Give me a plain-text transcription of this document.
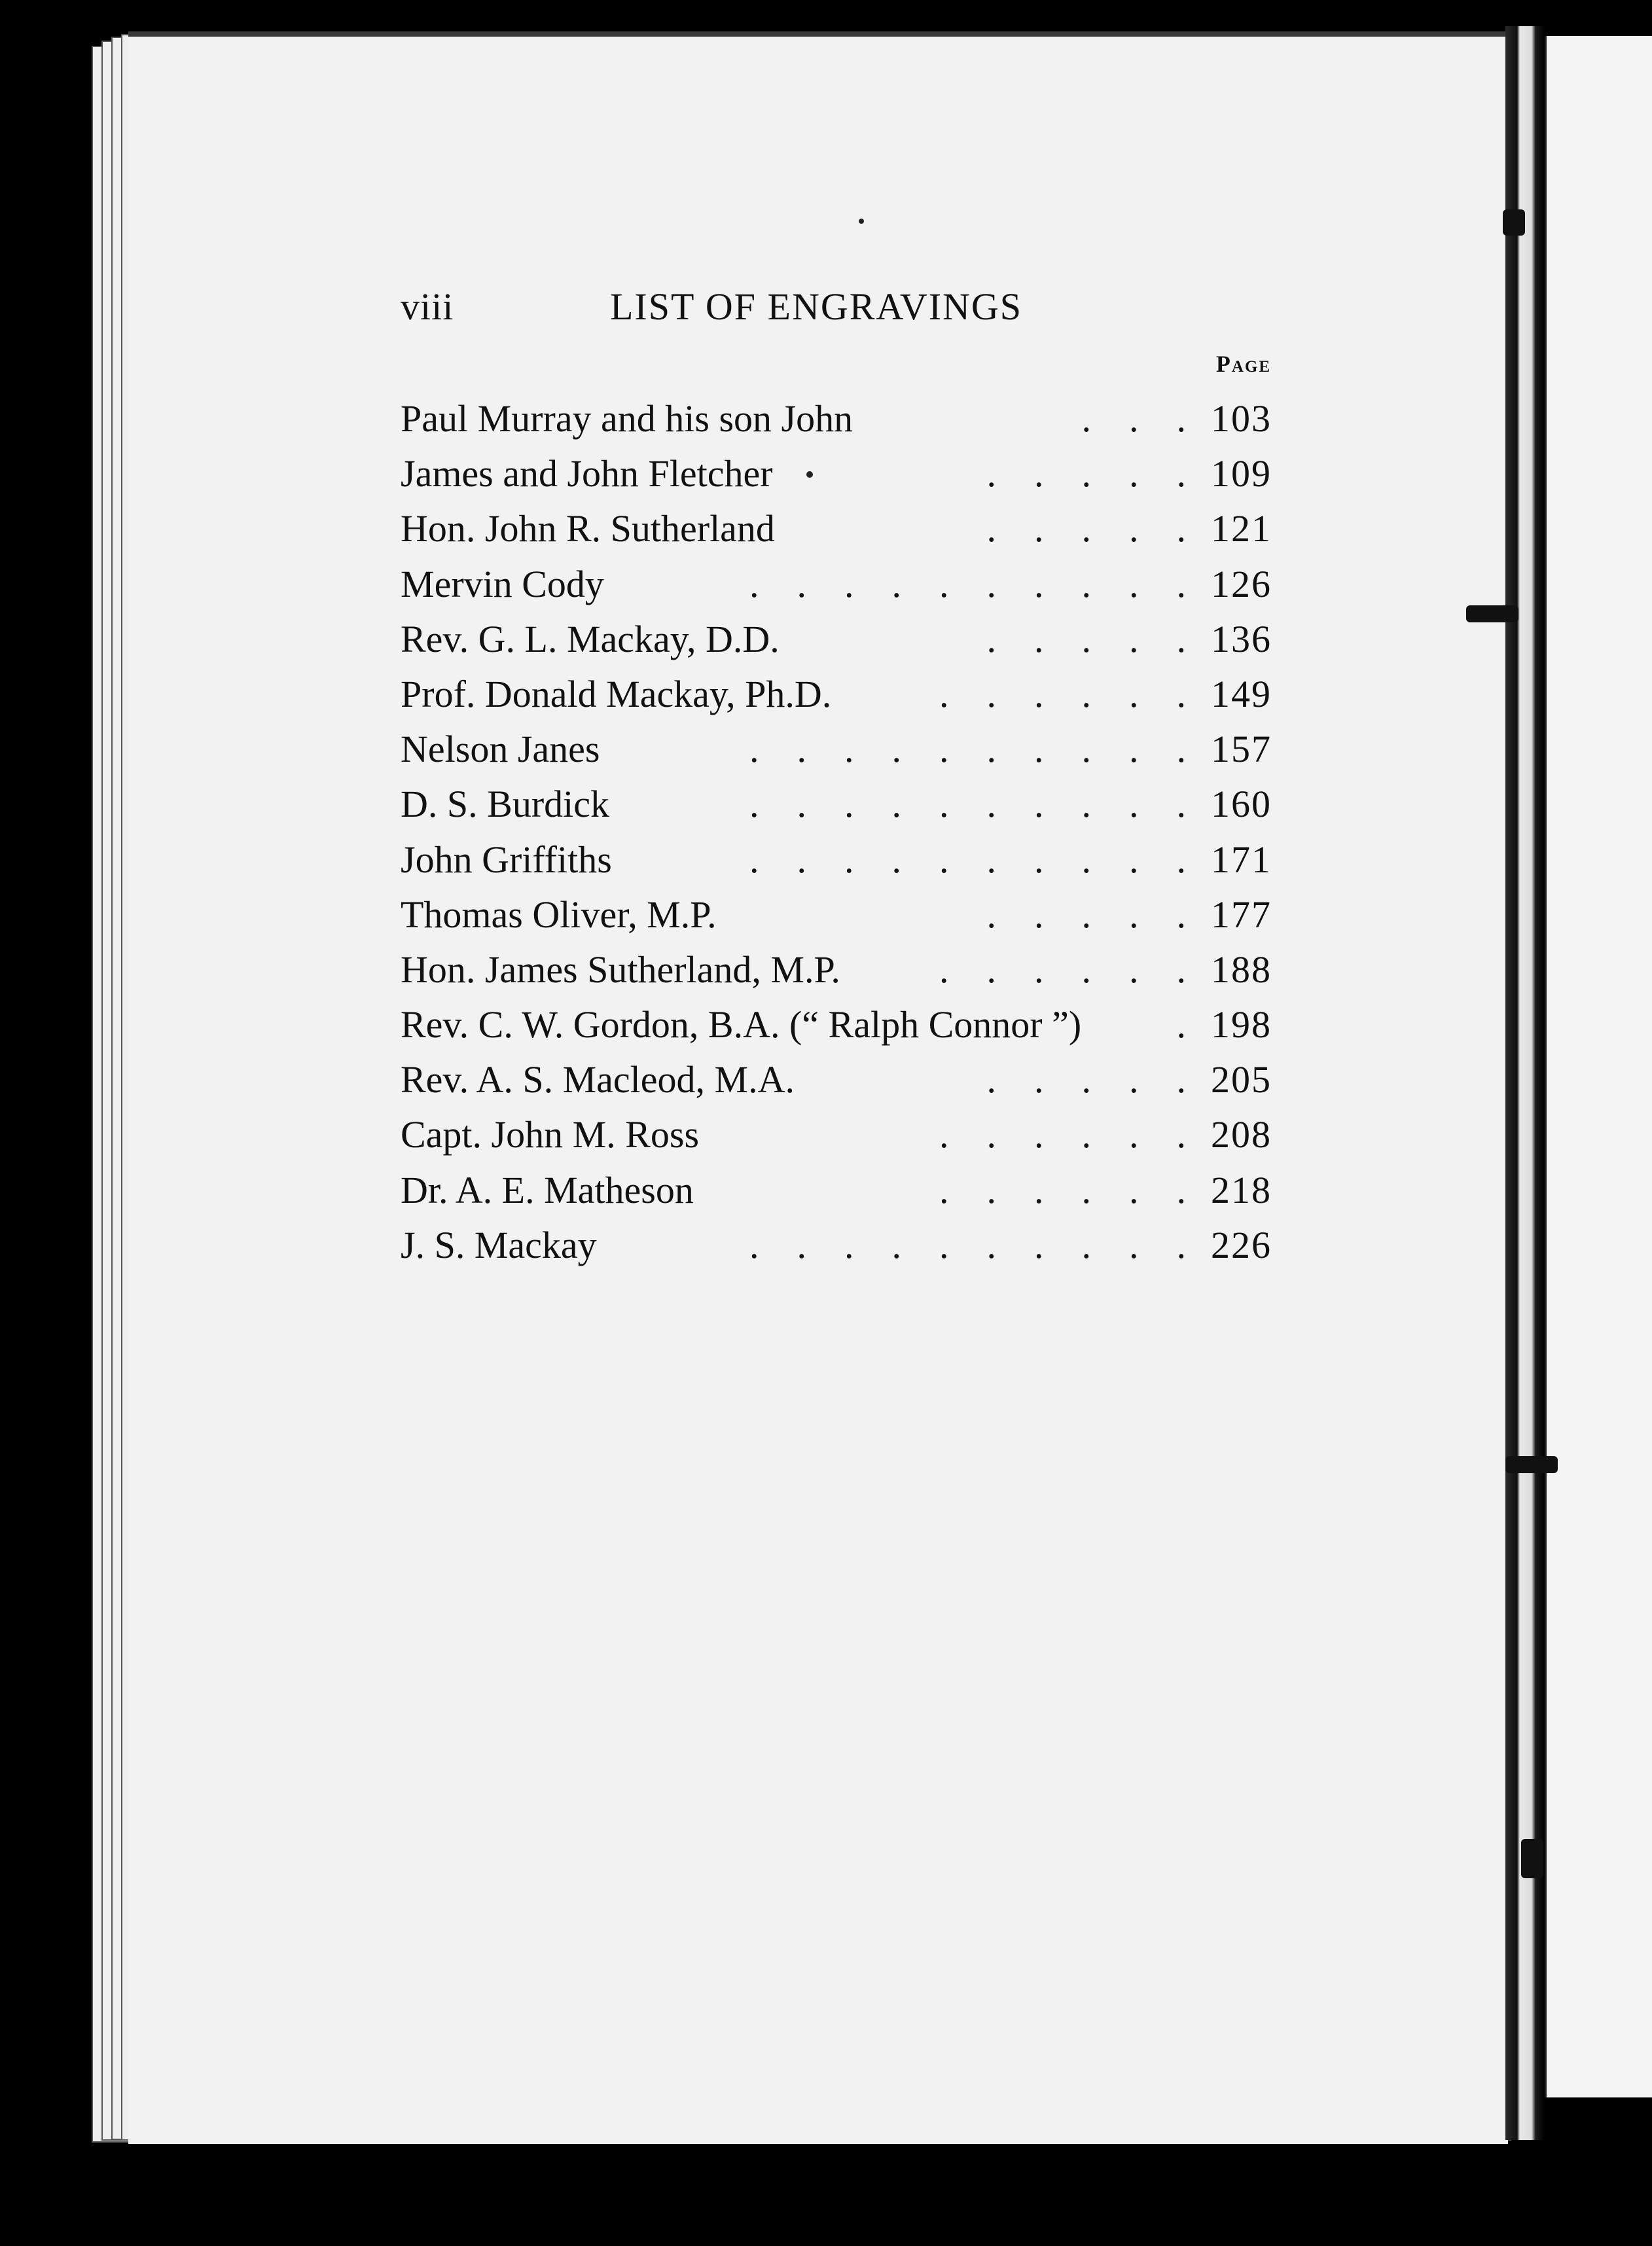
viii	LIST OF ENGRAVINGS
Page
Paul Murray and his son John	.    .    . 103
James and John Fletcher	.    .    .    .    . 109
Hon. John R. Sutherland	.    .    .    .    . 121
Mervin Cody	.    .    .    .    .    .    .    .    .    . 126
Rev. G. L. Mackay, D.D.	.    .    .    .    . 136
Prof. Donald Mackay, Ph.D.	.    .    .    .    .    . 149
Nelson Janes	.    .    .    .    .    .    .    .    .    . 157
D. S. Burdick	.    .    .    .    .    .    .    .    .    . 160
John Griffiths	.    .    .    .    .    .    .    .    .    . 171
Thomas Oliver, M.P.	.    .    .    .    . 177
Hon. James Sutherland, M.P.	.    .    .    .    .    . 188
Rev. C. W. Gordon, B.A. (“ Ralph Connor ”)	. 198
Rev. A. S. Macleod, M.A.	.    .    .    .    . 205
Capt. John M. Ross	.    .    .    .    .    . 208
Dr. A. E. Matheson	.    .    .    .    .    . 218
J. S. Mackay	.    .    .    .    .    .    .    .    .    . 226
